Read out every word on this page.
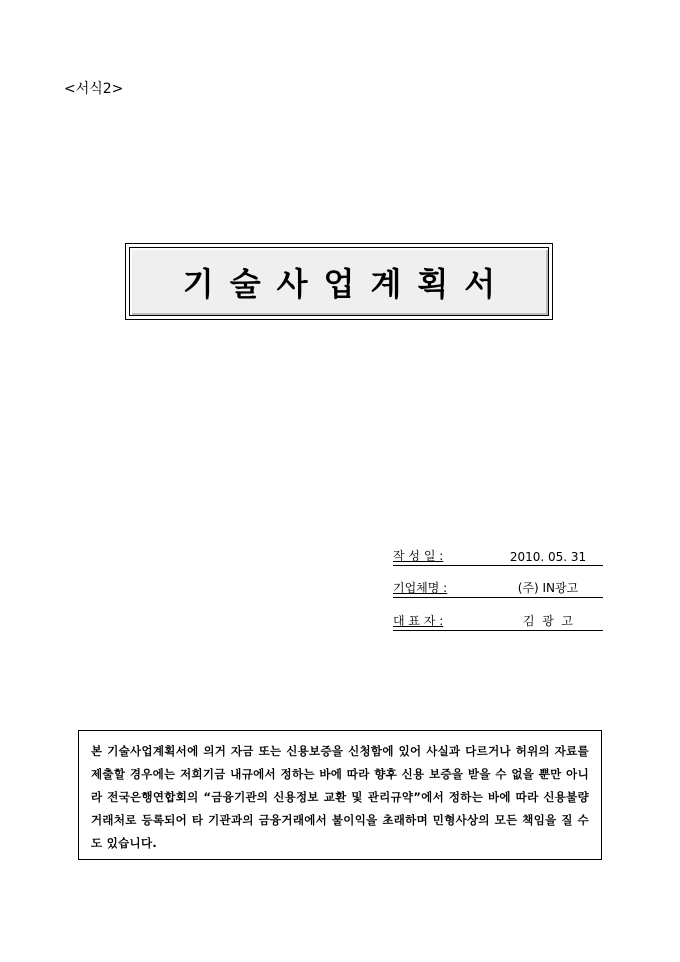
<서식2>
기술사업계획서
작 성 일 :	2010. 05. 31
기업체명 :	(주) IN광고
대 표 자 :	김  광  고
본 기술사업계획서에 의거 자금 또는 신용보증을 신청함에 있어 사실과 다르거나 허위의 자료를 제출할 경우에는 저희기금 내규에서 정하는 바에 따라 향후 신용 보증을 받을 수 없을 뿐만 아니라 전국은행연합회의 “금융기관의 신용정보 교환 및 관리규약”에서 정하는 바에 따라 신용불량거래처로 등록되어 타 기관과의 금융거래에서 불이익을 초래하며 민형사상의 모든 책임을 질 수도 있습니다.
